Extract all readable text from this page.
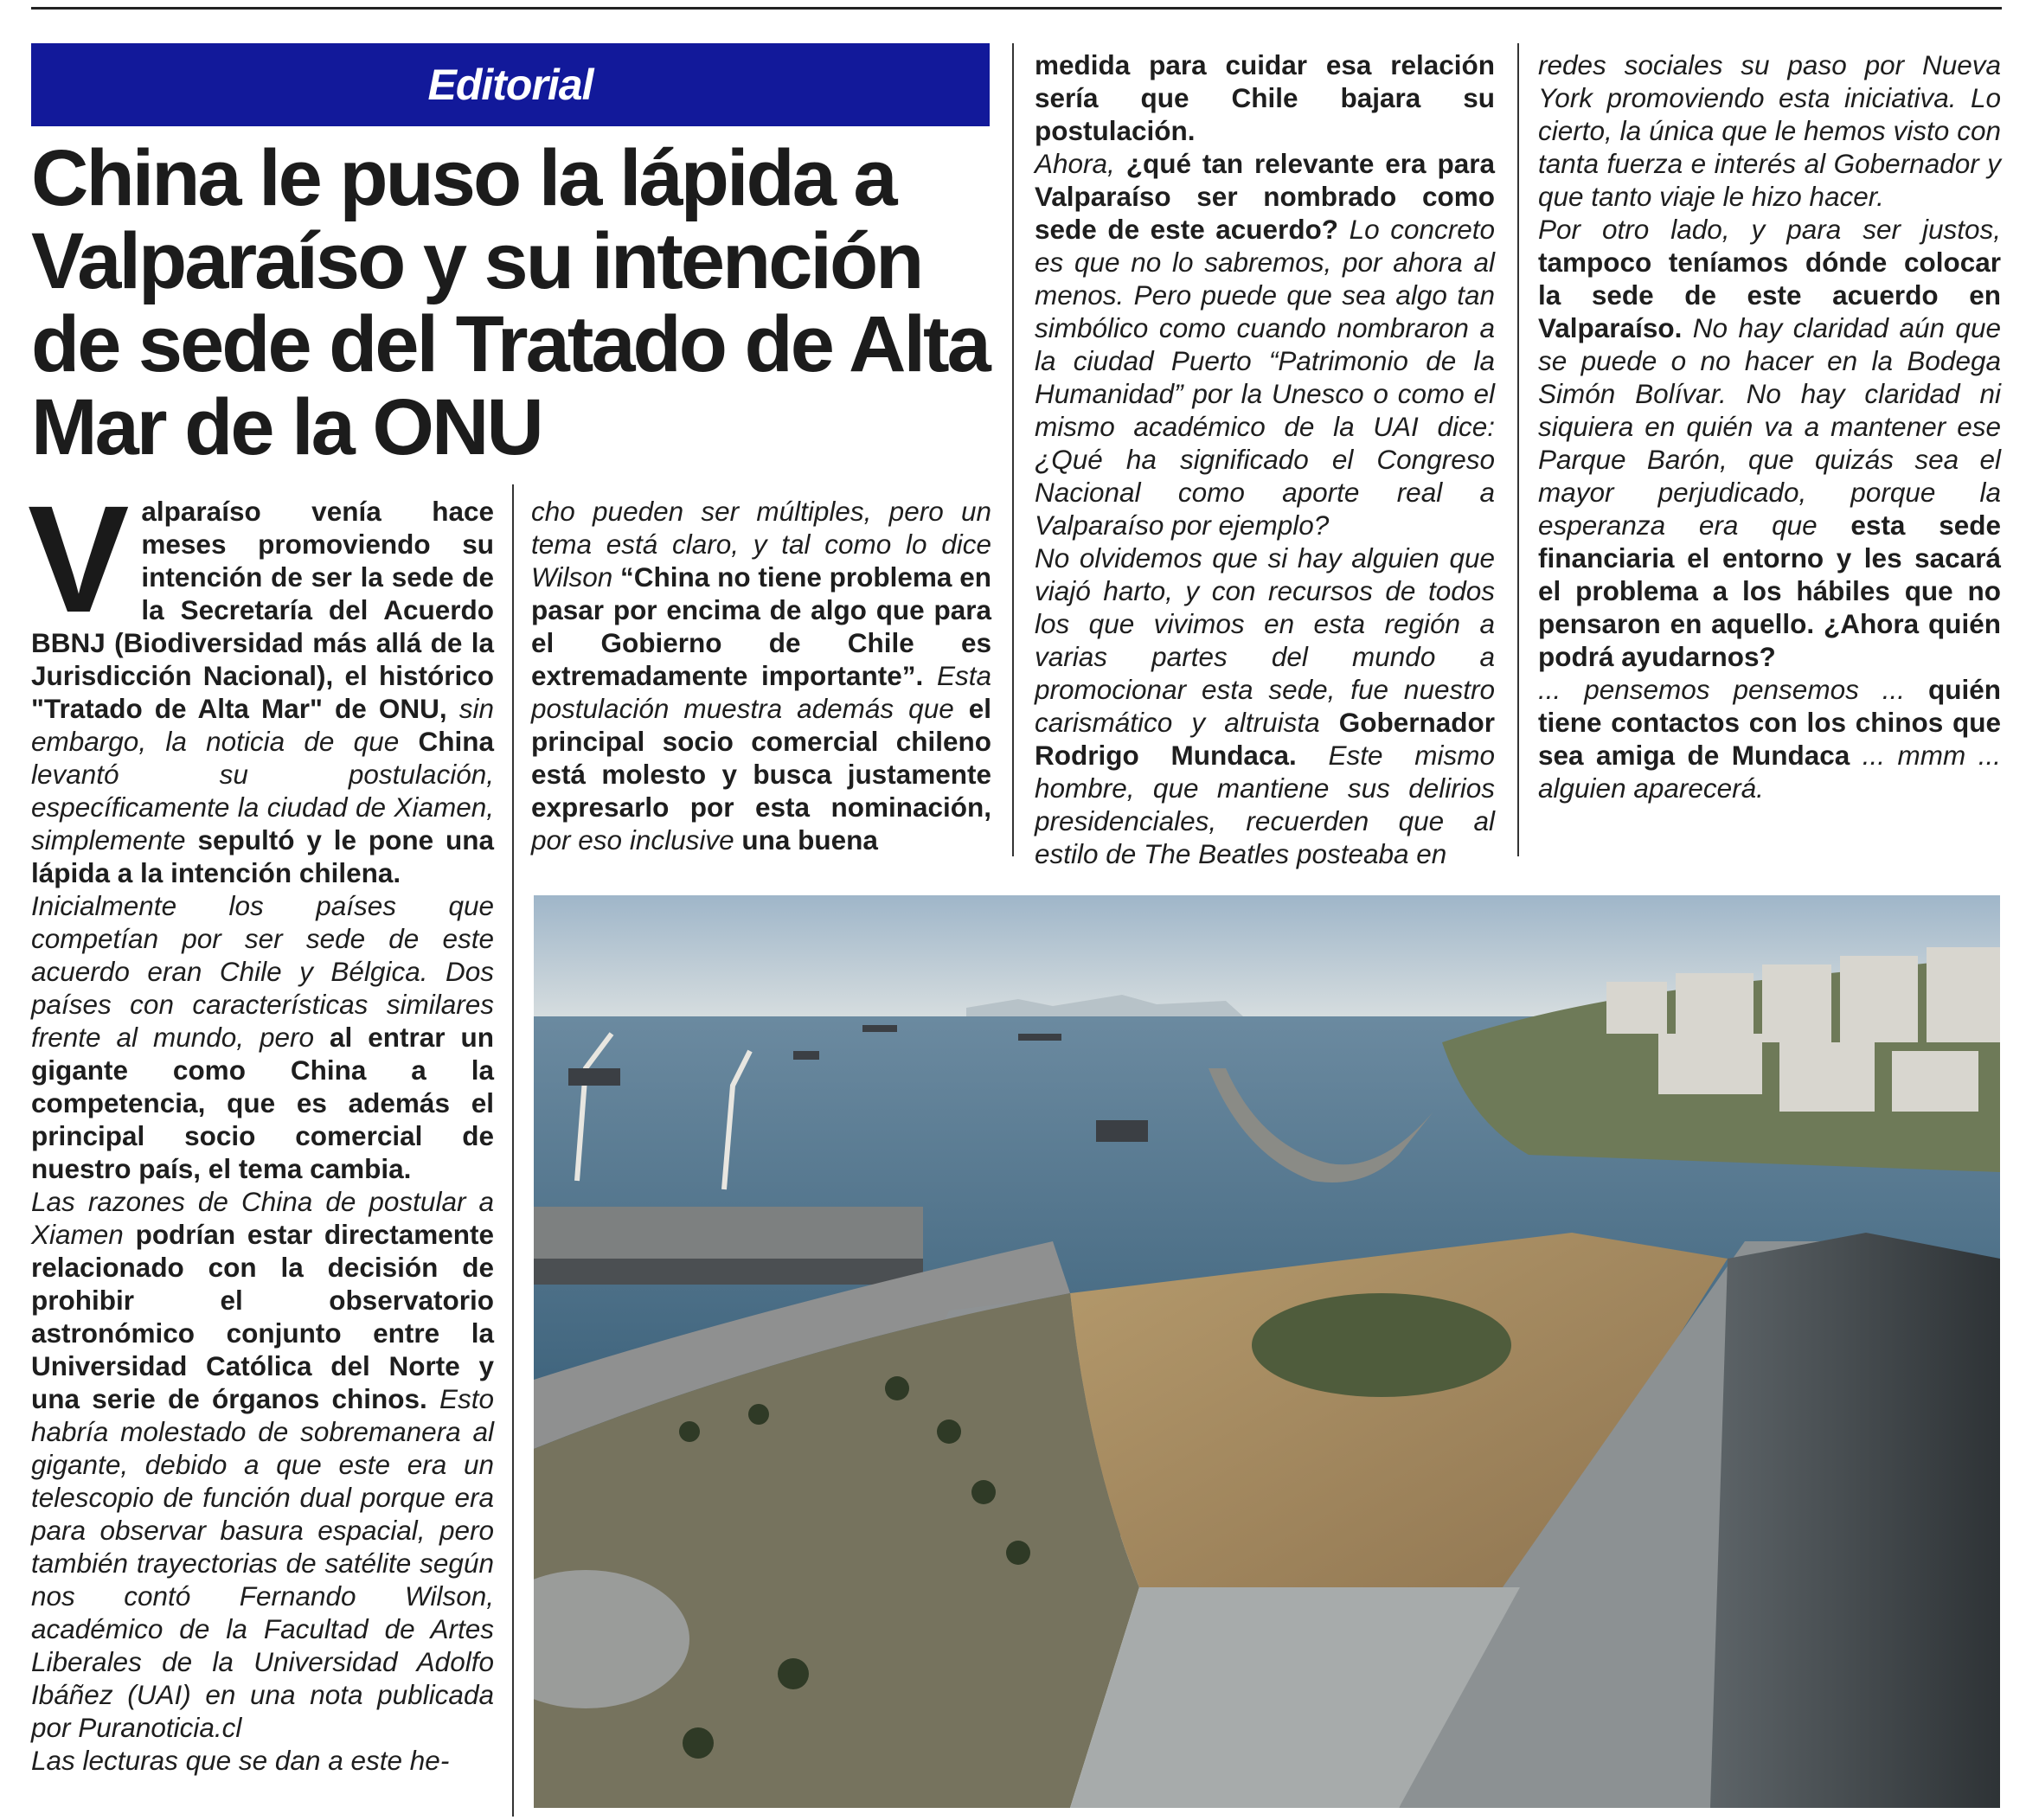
Editorial
China le puso la lápida a Valparaíso y su intención de sede del Tratado de Alta Mar de la ONU
V alparaíso venía hace meses promoviendo su intención de ser la sede de la Secretaría del Acuerdo BBNJ (Biodiversidad más allá de la Jurisdicción Nacional), el histórico "Tratado de Alta Mar" de ONU, sin embargo, la noticia de que China levantó su postulación, específicamente la ciudad de Xiamen, simplemente sepultó y le pone una lápida a la intención chilena.

Inicialmente los países que competían por ser sede de este acuerdo eran Chile y Bélgica. Dos países con características similares frente al mundo, pero al entrar un gigante como China a la competencia, que es además el principal socio comercial de nuestro país, el tema cambia.

Las razones de China de postular a Xiamen podrían estar directamente relacionado con la decisión de prohibir el observatorio astronómico conjunto entre la Universidad Católica del Norte y una serie de órganos chinos. Esto habría molestado de sobremanera al gigante, debido a que este era un telescopio de función dual porque era para observar basura espacial, pero también trayectorias de satélite según nos contó Fernando Wilson, académico de la Facultad de Artes Liberales de la Universidad Adolfo Ibáñez (UAI) en una nota publicada por Puranoticia.cl
Las lecturas que se dan a este he-

cho pueden ser múltiples, pero un tema está claro, y tal como lo dice Wilson “China no tiene problema en pasar por encima de algo que para el Gobierno de Chile es extremadamente importante”. Esta postulación muestra además que el principal socio comercial chileno está molesto y busca justamente expresarlo por esta nominación, por eso inclusive una buena

medida para cuidar esa relación sería que Chile bajara su postulación.

Ahora, ¿qué tan relevante era para Valparaíso ser nombrado como sede de este acuerdo? Lo concreto es que no lo sabremos, por ahora al menos. Pero puede que sea algo tan simbólico como cuando nombraron a la ciudad Puerto “Patrimonio de la Humanidad” por la Unesco o como el mismo académico de la UAI dice: ¿Qué ha significado el Congreso Nacional como aporte real a Valparaíso por ejemplo?

No olvidemos que si hay alguien que viajó harto, y con recursos de todos los que vivimos en esta región a varias partes del mundo a promocionar esta sede, fue nuestro carismático y altruista Gobernador Rodrigo Mundaca. Este mismo hombre, que mantiene sus delirios presidenciales, recuerden que al estilo de The Beatles posteaba en

redes sociales su paso por Nueva York promoviendo esta iniciativa. Lo cierto, la única que le hemos visto con tanta fuerza e interés al Gobernador y que tanto viaje le hizo hacer.

Por otro lado, y para ser justos, tampoco teníamos dónde colocar la sede de este acuerdo en Valparaíso. No hay claridad aún que se puede o no hacer en la Bodega Simón Bolívar. No hay claridad ni siquiera en quién va a mantener ese Parque Barón, que quizás sea el mayor perjudicado, porque la esperanza era que esta sede financiaria el entorno y les sacará el problema a los hábiles que no pensaron en aquello. ¿Ahora quién podrá ayudarnos?

... pensemos pensemos ... quién tiene contactos con los chinos que sea amiga de Mundaca ... mmm ... alguien aparecerá.
